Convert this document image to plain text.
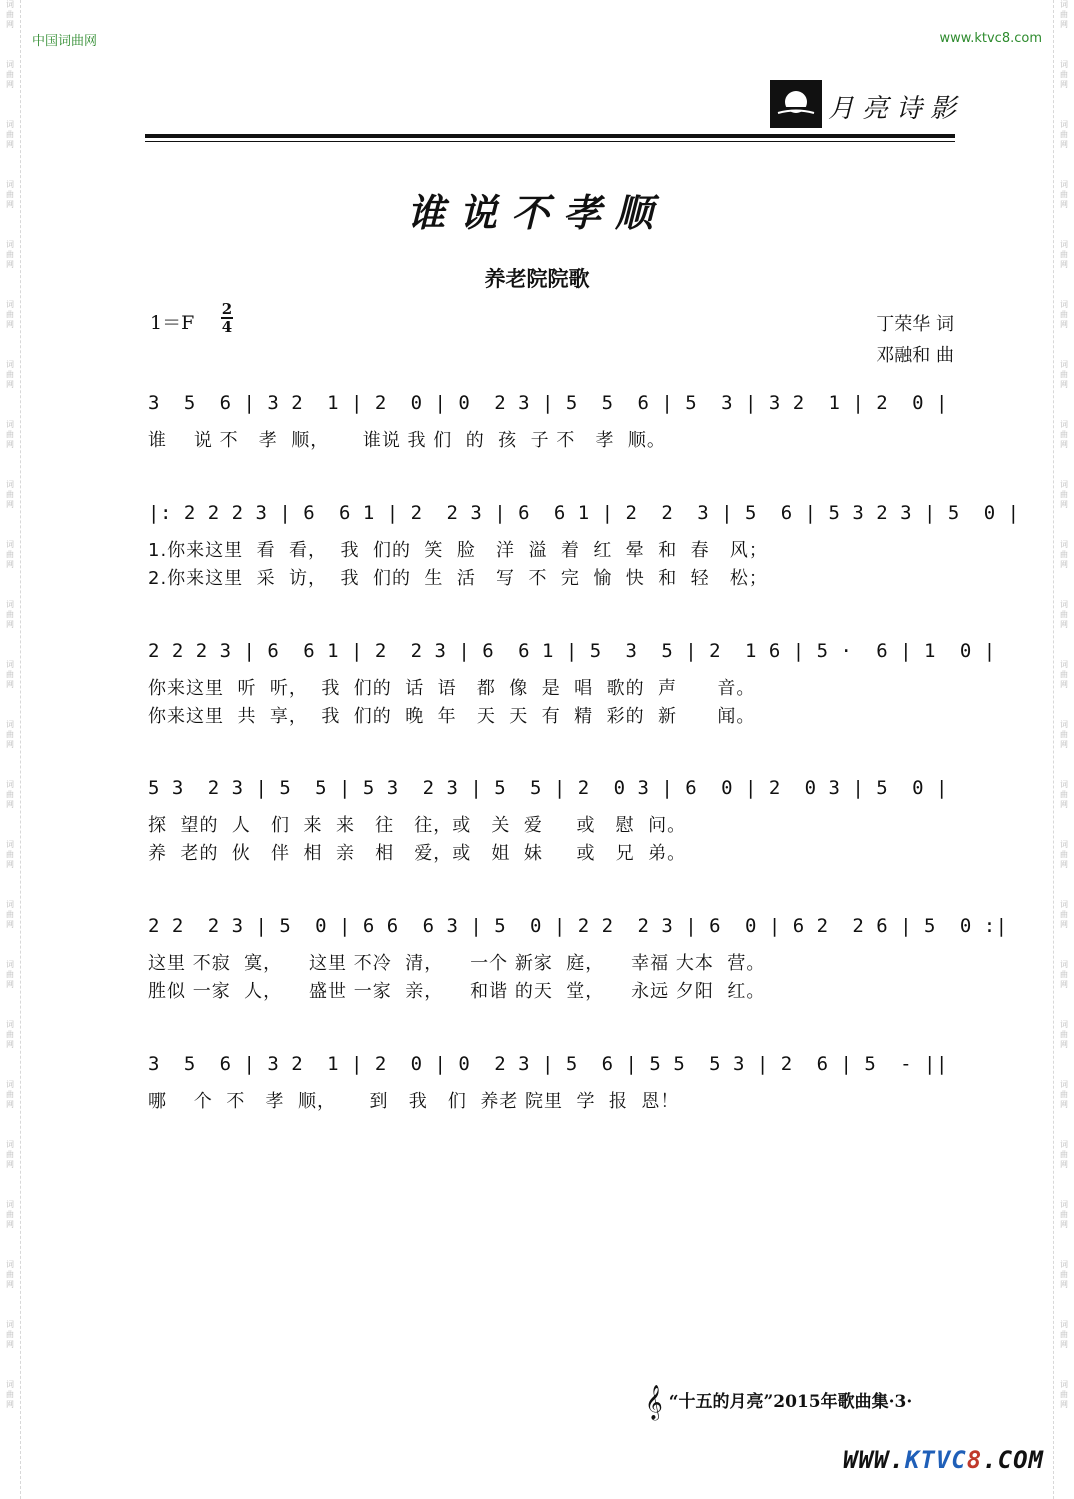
词
曲
网
词
曲
网
词
曲
网
词
曲
网
词
曲
网
词
曲
网
词
曲
网
词
曲
网
词
曲
网
词
曲
网
词
曲
网
词
曲
网
词
曲
网
词
曲
网
词
曲
网
词
曲
网
词
曲
网
词
曲
网
词
曲
网
词
曲
网
词
曲
网
词
曲
网
词
曲
网
词
曲
网
词
曲
网
词
曲
网
词
曲
网
词
曲
网
词
曲
网
词
曲
网
词
曲
网
词
曲
网
词
曲
网
词
曲
网
词
曲
网
词
曲
网
词
曲
网
词
曲
网
词
曲
网
词
曲
网
词
曲
网
词
曲
网
词
曲
网
词
曲
网
词
曲
网
词
曲
网
词
曲
网
词
曲
网
中国词曲网	www.ktvc8.com
月亮诗影
谁说不孝顺
养老院院歌
1＝F
2
4	丁荣华 词
邓融和 曲
3  5  6 | 3 2  1 | 2  0 | 0  2 3 | 5  5  6 | 5  3 | 3 2  1 | 2  0 |
谁    说 不   孝  顺，     谁说 我 们  的  孩  子 不   孝  顺。
|: 2 2 2 3 | 6  6 1 | 2  2 3 | 6  6 1 | 2  2  3 | 5  6 | 5 3 2 3 | 5  0 |
1.你来这里  看  看，  我  们的  笑  脸   洋  溢  着  红  晕  和  春   风；
2.你来这里  采  访，  我  们的  生  活   写  不  完  愉  快  和  轻   松；
2 2 2 3 | 6  6 1 | 2  2 3 | 6  6 1 | 5  3  5 | 2  1 6 | 5 ·  6 | 1  0 |
你来这里  听  听，  我  们的  话  语   都  像  是  唱  歌的  声      音。
你来这里  共  享，  我  们的  晚  年   天  天  有  精  彩的  新      闻。
5 3  2 3 | 5  5 | 5 3  2 3 | 5  5 | 2  0 3 | 6  0 | 2  0 3 | 5  0 |
探  望的  人   们  来  来   往   往，或   关  爱     或   慰  问。
养  老的  伙   伴  相  亲   相   爱，或   姐  妹     或   兄  弟。
2 2  2 3 | 5  0 | 6 6  6 3 | 5  0 | 2 2  2 3 | 6  0 | 6 2  2 6 | 5  0 :|
这里 不寂  寞，    这里 不冷  清，    一个 新家  庭，    幸福 大本  营。
胜似 一家  人，    盛世 一家  亲，    和谐 的天  堂，    永远 夕阳  红。
3  5  6 | 3 2  1 | 2  0 | 0  2 3 | 5  6 | 5 5  5 3 | 2  6 | 5  - ||
哪    个  不   孝  顺，     到   我   们  养老 院里  学  报  恩！
𝄞 “十五的月亮”2015年歌曲集·3·
WWW.KTVC8.COM
